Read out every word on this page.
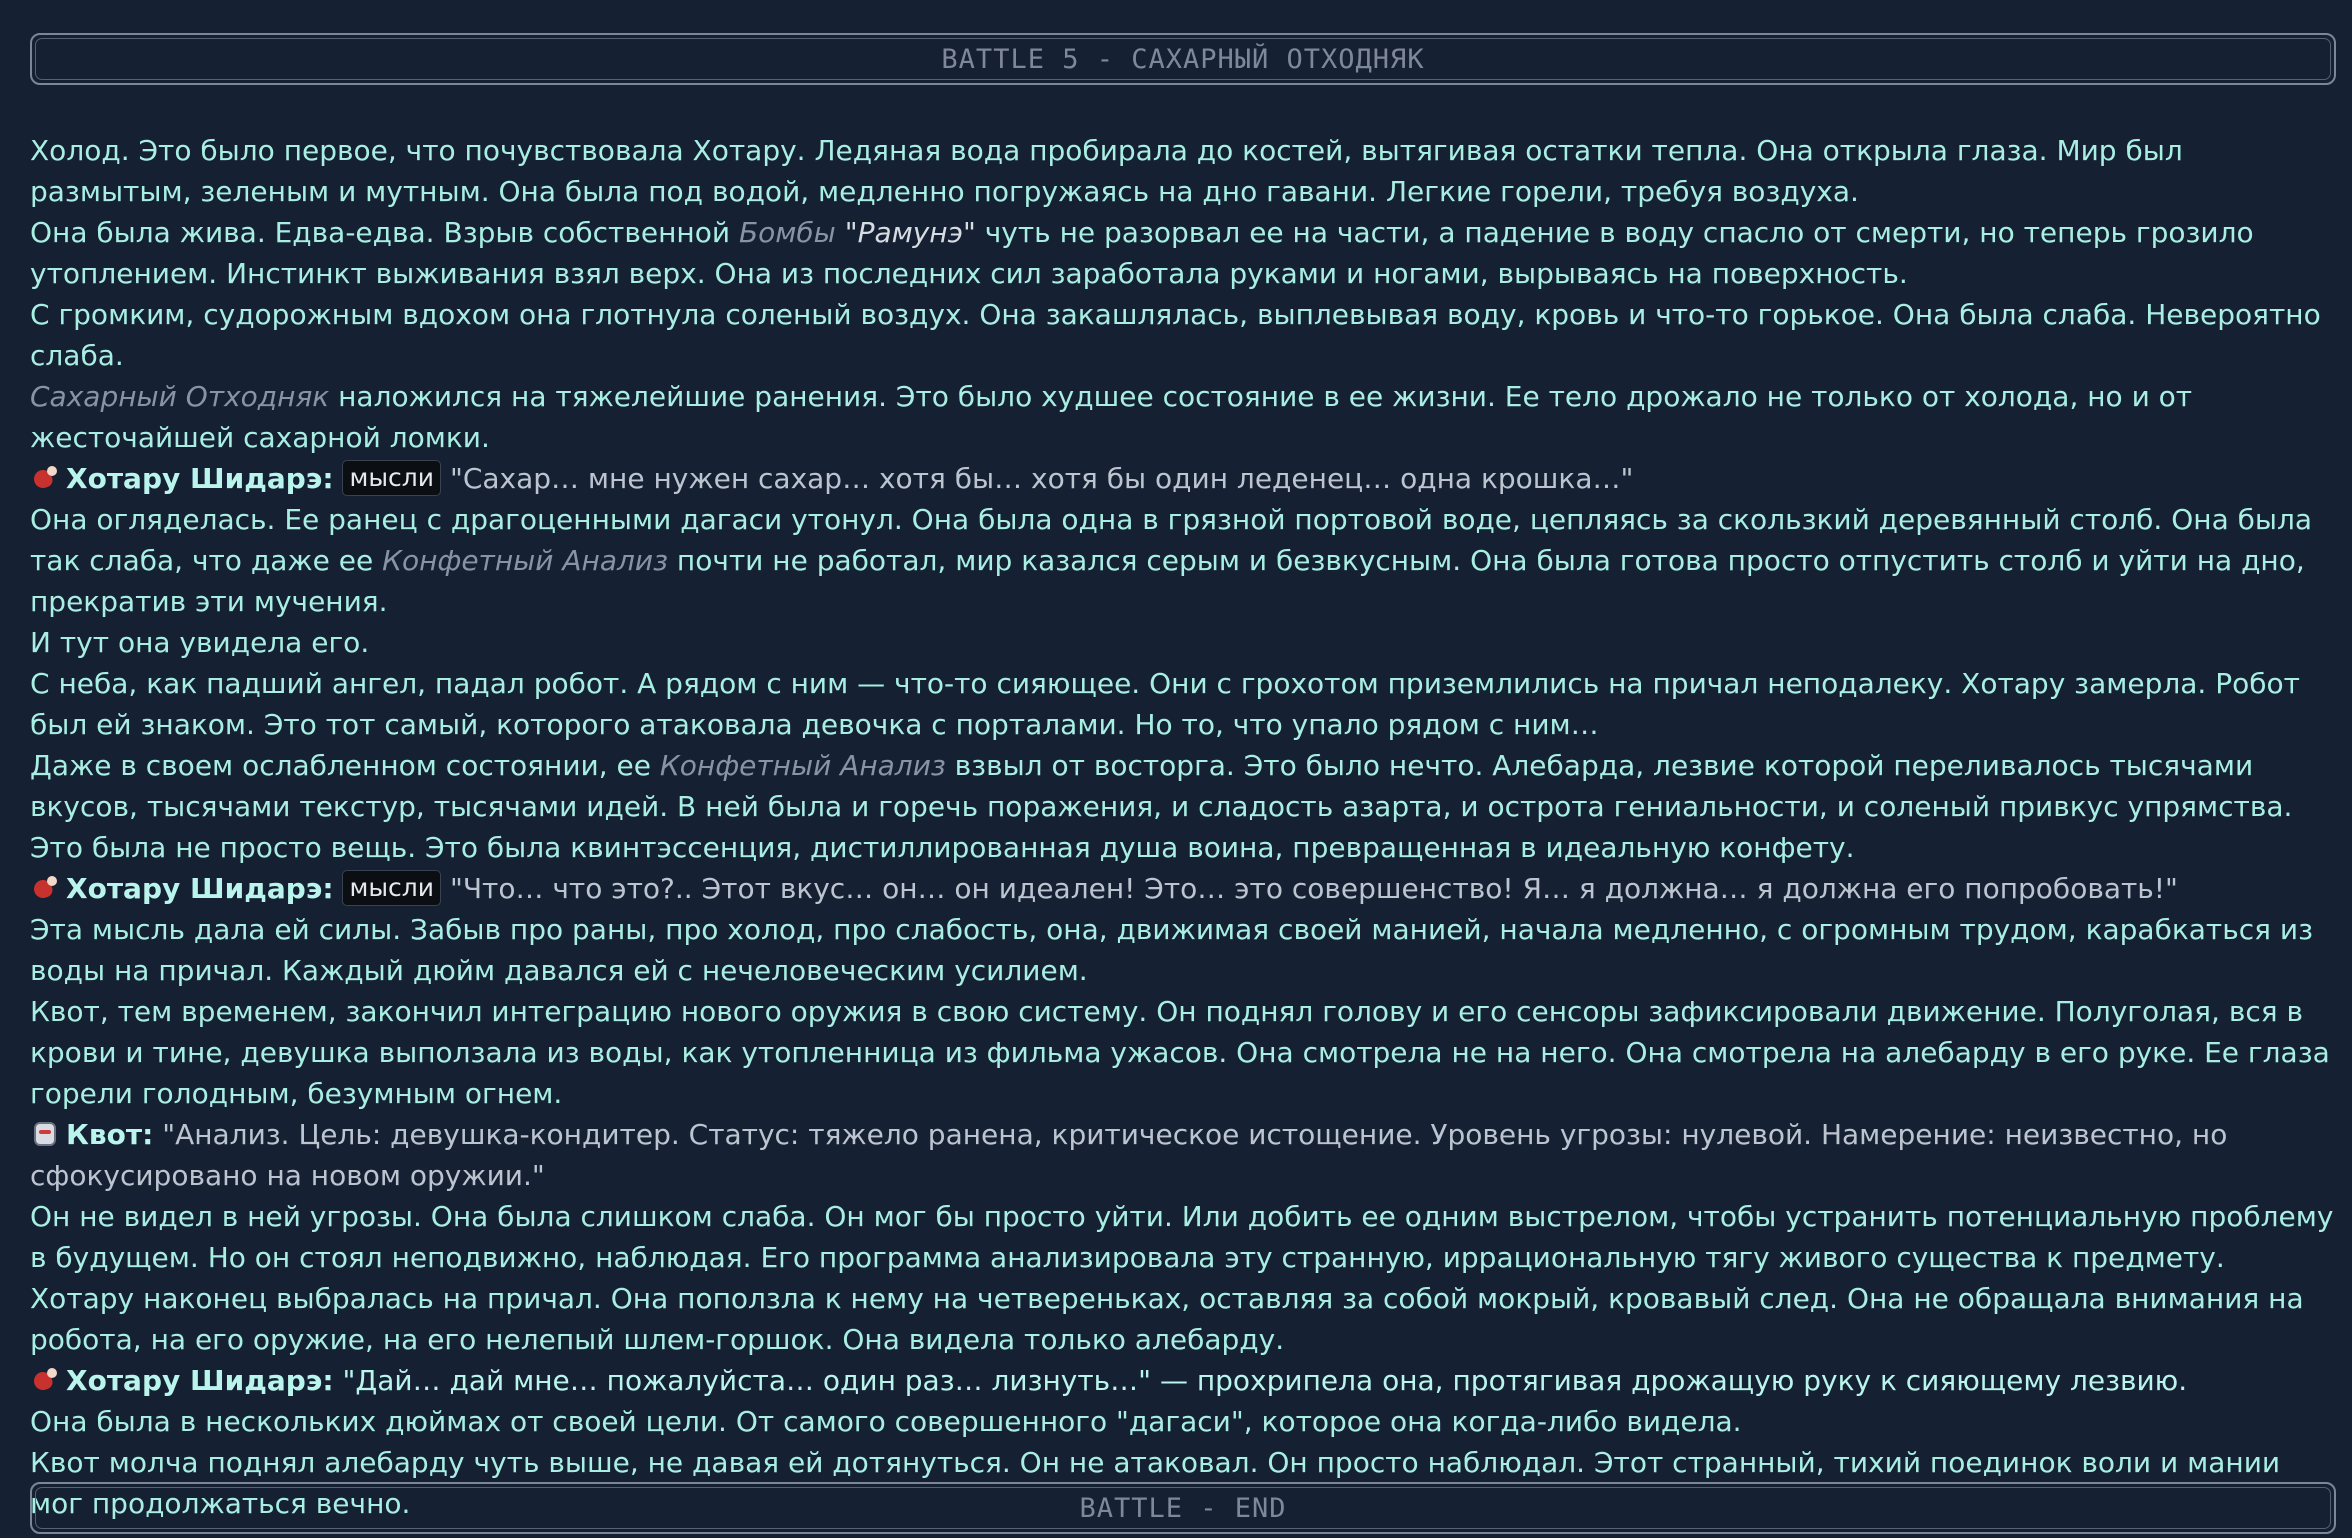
BATTLE 5 - САХАРНЫЙ ОТХОДНЯК

Холод. Это было первое, что почувствовала Хотару. Ледяная вода пробирала до костей, вытягивая остатки тепла. Она открыла глаза. Мир был размытым, зеленым и мутным. Она была под водой, медленно погружаясь на дно гавани. Легкие горели, требуя воздуха.

Она была жива. Едва-едва. Взрыв собственной Бомбы "Рамунэ" чуть не разорвал ее на части, а падение в воду спасло от смерти, но теперь грозило утоплением. Инстинкт выживания взял верх. Она из последних сил заработала руками и ногами, вырываясь на поверхность.

С громким, судорожным вдохом она глотнула соленый воздух. Она закашлялась, выплевывая воду, кровь и что-то горькое. Она была слаба. Невероятно слаба.

Сахарный Отходняк наложился на тяжелейшие ранения. Это было худшее состояние в ее жизни. Ее тело дрожало не только от холода, но и от жесточайшей сахарной ломки.

Хотару Шидарэ: мысли "Сахар… мне нужен сахар… хотя бы… хотя бы один леденец… одна крошка…"

Она огляделась. Ее ранец с драгоценными дагаси утонул. Она была одна в грязной портовой воде, цепляясь за скользкий деревянный столб. Она была так слаба, что даже ее Конфетный Анализ почти не работал, мир казался серым и безвкусным. Она была готова просто отпустить столб и уйти на дно, прекратив эти мучения.

И тут она увидела его.

С неба, как падший ангел, падал робот. А рядом с ним — что-то сияющее. Они с грохотом приземлились на причал неподалеку. Хотару замерла. Робот был ей знаком. Это тот самый, которого атаковала девочка с порталами. Но то, что упало рядом с ним…

Даже в своем ослабленном состоянии, ее Конфетный Анализ взвыл от восторга. Это было нечто. Алебарда, лезвие которой переливалось тысячами вкусов, тысячами текстур, тысячами идей. В ней была и горечь поражения, и сладость азарта, и острота гениальности, и соленый привкус упрямства. Это была не просто вещь. Это была квинтэссенция, дистиллированная душа воина, превращенная в идеальную конфету.

Хотару Шидарэ: мысли "Что… что это?.. Этот вкус… он… он идеален! Это… это совершенство! Я… я должна… я должна его попробовать!"

Эта мысль дала ей силы. Забыв про раны, про холод, про слабость, она, движимая своей манией, начала медленно, с огромным трудом, карабкаться из воды на причал. Каждый дюйм давался ей с нечеловеческим усилием.

Квот, тем временем, закончил интеграцию нового оружия в свою систему. Он поднял голову и его сенсоры зафиксировали движение. Полуголая, вся в крови и тине, девушка выползала из воды, как утопленница из фильма ужасов. Она смотрела не на него. Она смотрела на алебарду в его руке. Ее глаза горели голодным, безумным огнем.

Квот: "Анализ. Цель: девушка-кондитер. Статус: тяжело ранена, критическое истощение. Уровень угрозы: нулевой. Намерение: неизвестно, но сфокусировано на новом оружии."

Он не видел в ней угрозы. Она была слишком слаба. Он мог бы просто уйти. Или добить ее одним выстрелом, чтобы устранить потенциальную проблему в будущем. Но он стоял неподвижно, наблюдая. Его программа анализировала эту странную, иррациональную тягу живого существа к предмету.

Хотару наконец выбралась на причал. Она поползла к нему на четвереньках, оставляя за собой мокрый, кровавый след. Она не обращала внимания на робота, на его оружие, на его нелепый шлем-горшок. Она видела только алебарду.

Хотару Шидарэ: "Дай… дай мне… пожалуйста… один раз… лизнуть…" — прохрипела она, протягивая дрожащую руку к сияющему лезвию.

Она была в нескольких дюймах от своей цели. От самого совершенного "дагаси", которое она когда-либо видела.

Квот молча поднял алебарду чуть выше, не давая ей дотянуться. Он не атаковал. Он просто наблюдал. Этот странный, тихий поединок воли и мании мог продолжаться вечно.	BATTLE - END
